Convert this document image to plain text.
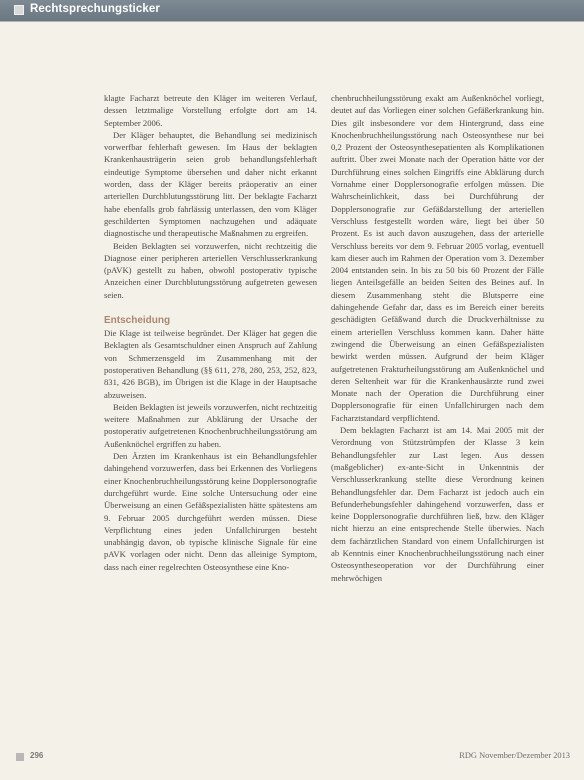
Rechtsprechungsticker

klagte Facharzt betreute den Kläger im weiteren Verlauf, dessen letztmalige Vorstellung erfolgte dort am 14. September 2006.

Der Kläger behauptet, die Behandlung sei medizinisch vorwerfbar fehlerhaft gewesen. Im Haus der beklagten Krankenhausträgerin seien grob behandlungsfehlerhaft eindeutige Symptome übersehen und daher nicht erkannt worden, dass der Kläger bereits präoperativ an einer arteriellen Durchblutungsstörung litt. Der beklagte Facharzt habe ebenfalls grob fahrlässig unterlassen, den vom Kläger geschilderten Symptomen nachzugehen und adäquate diagnostische und therapeutische Maßnahmen zu ergreifen.

Beiden Beklagten sei vorzuwerfen, nicht rechtzeitig die Diagnose einer peripheren arteriellen Verschlusserkrankung (pAVK) gestellt zu haben, obwohl postoperativ typische Anzeichen einer Durchblutungsstörung aufgetreten gewesen seien.

Entscheidung

Die Klage ist teilweise begründet. Der Kläger hat gegen die Beklagten als Gesamtschuldner einen Anspruch auf Zahlung von Schmerzensgeld im Zusammenhang mit der postoperativen Behandlung (§§ 611, 278, 280, 253, 252, 823, 831, 426 BGB), im Übrigen ist die Klage in der Hauptsache abzuweisen.

Beiden Beklagten ist jeweils vorzuwerfen, nicht rechtzeitig weitere Maßnahmen zur Abklärung der Ursache der postoperativ aufgetretenen Knochenbruchheilungsstörung am Außenknöchel ergriffen zu haben.

Den Ärzten im Krankenhaus ist ein Behandlungsfehler dahingehend vorzuwerfen, dass bei Erkennen des Vorliegens einer Knochenbruchheilungsstörung keine Dopplersonografie durchgeführt wurde. Eine solche Untersuchung oder eine Überweisung an einen Gefäßspezialisten hätte spätestens am 9. Februar 2005 durchgeführt werden müssen. Diese Verpflichtung eines jeden Unfallchirurgen besteht unabhängig davon, ob typische klinische Signale für eine pAVK vorlagen oder nicht. Denn das alleinige Symptom, dass nach einer regelrechten Osteosynthese eine Kno-

chenbruchheilungsstörung exakt am Außenknöchel vorliegt, deutet auf das Vorliegen einer solchen Gefäßerkrankung hin. Dies gilt insbesondere vor dem Hintergrund, dass eine Knochenbruchheilungsstörung nach Osteosynthese nur bei 0,2 Prozent der Osteosynthesepatienten als Komplikationen auftritt. Über zwei Monate nach der Operation hätte vor der Durchführung eines solchen Eingriffs eine Abklärung durch Vornahme einer Dopplersonografie erfolgen müssen. Die Wahrscheinlichkeit, dass bei Durchführung der Dopplersonografie zur Gefäßdarstellung der arteriellen Verschluss festgestellt worden wäre, liegt bei über 50 Prozent. Es ist auch davon auszugehen, dass der arterielle Verschluss bereits vor dem 9. Februar 2005 vorlag, eventuell kam dieser auch im Rahmen der Operation vom 3. Dezember 2004 entstanden sein. In bis zu 50 bis 60 Prozent der Fälle liegen Anteilsgefälle an beiden Seiten des Beines auf. In diesem Zusammenhang steht die Blutsperre eine dahingehende Gefahr dar, dass es im Bereich einer bereits geschädigten Gefäßwand durch die Druckverhältnisse zu einem arteriellen Verschluss kommen kann. Daher hätte zwingend die Überweisung an einen Gefäßspezialisten bewirkt werden müssen. Aufgrund der beim Kläger aufgetretenen Frakturheilungsstörung am Außenknöchel und deren Seltenheit war für die Krankenhausärzte rund zwei Monate nach der Operation die Durchführung einer Dopplersonografie für einen Unfallchirurgen nach dem Facharztstandard verpflichtend.

Dem beklagten Facharzt ist am 14. Mai 2005 mit der Verordnung von Stützstrümpfen der Klasse 3 kein Behandlungsfehler zur Last legen. Aus dessen (maßgeblicher) ex-ante-Sicht in Unkenntnis der Verschlusserkrankung stellte diese Verordnung keinen Behandlungsfehler dar. Dem Facharzt ist jedoch auch ein Befunderhebungsfehler dahingehend vorzuwerfen, dass er keine Dopplersonografie durchführen ließ, bzw. den Kläger nicht hierzu an eine entsprechende Stelle überwies. Nach dem fachärztlichen Standard von einem Unfallchirurgen ist ab Kenntnis einer Knochenbruchheilungsstörung nach einer Osteosyntheseoperation vor der Durchführung einer mehrwöchigen

296	RDG November/Dezember 2013
